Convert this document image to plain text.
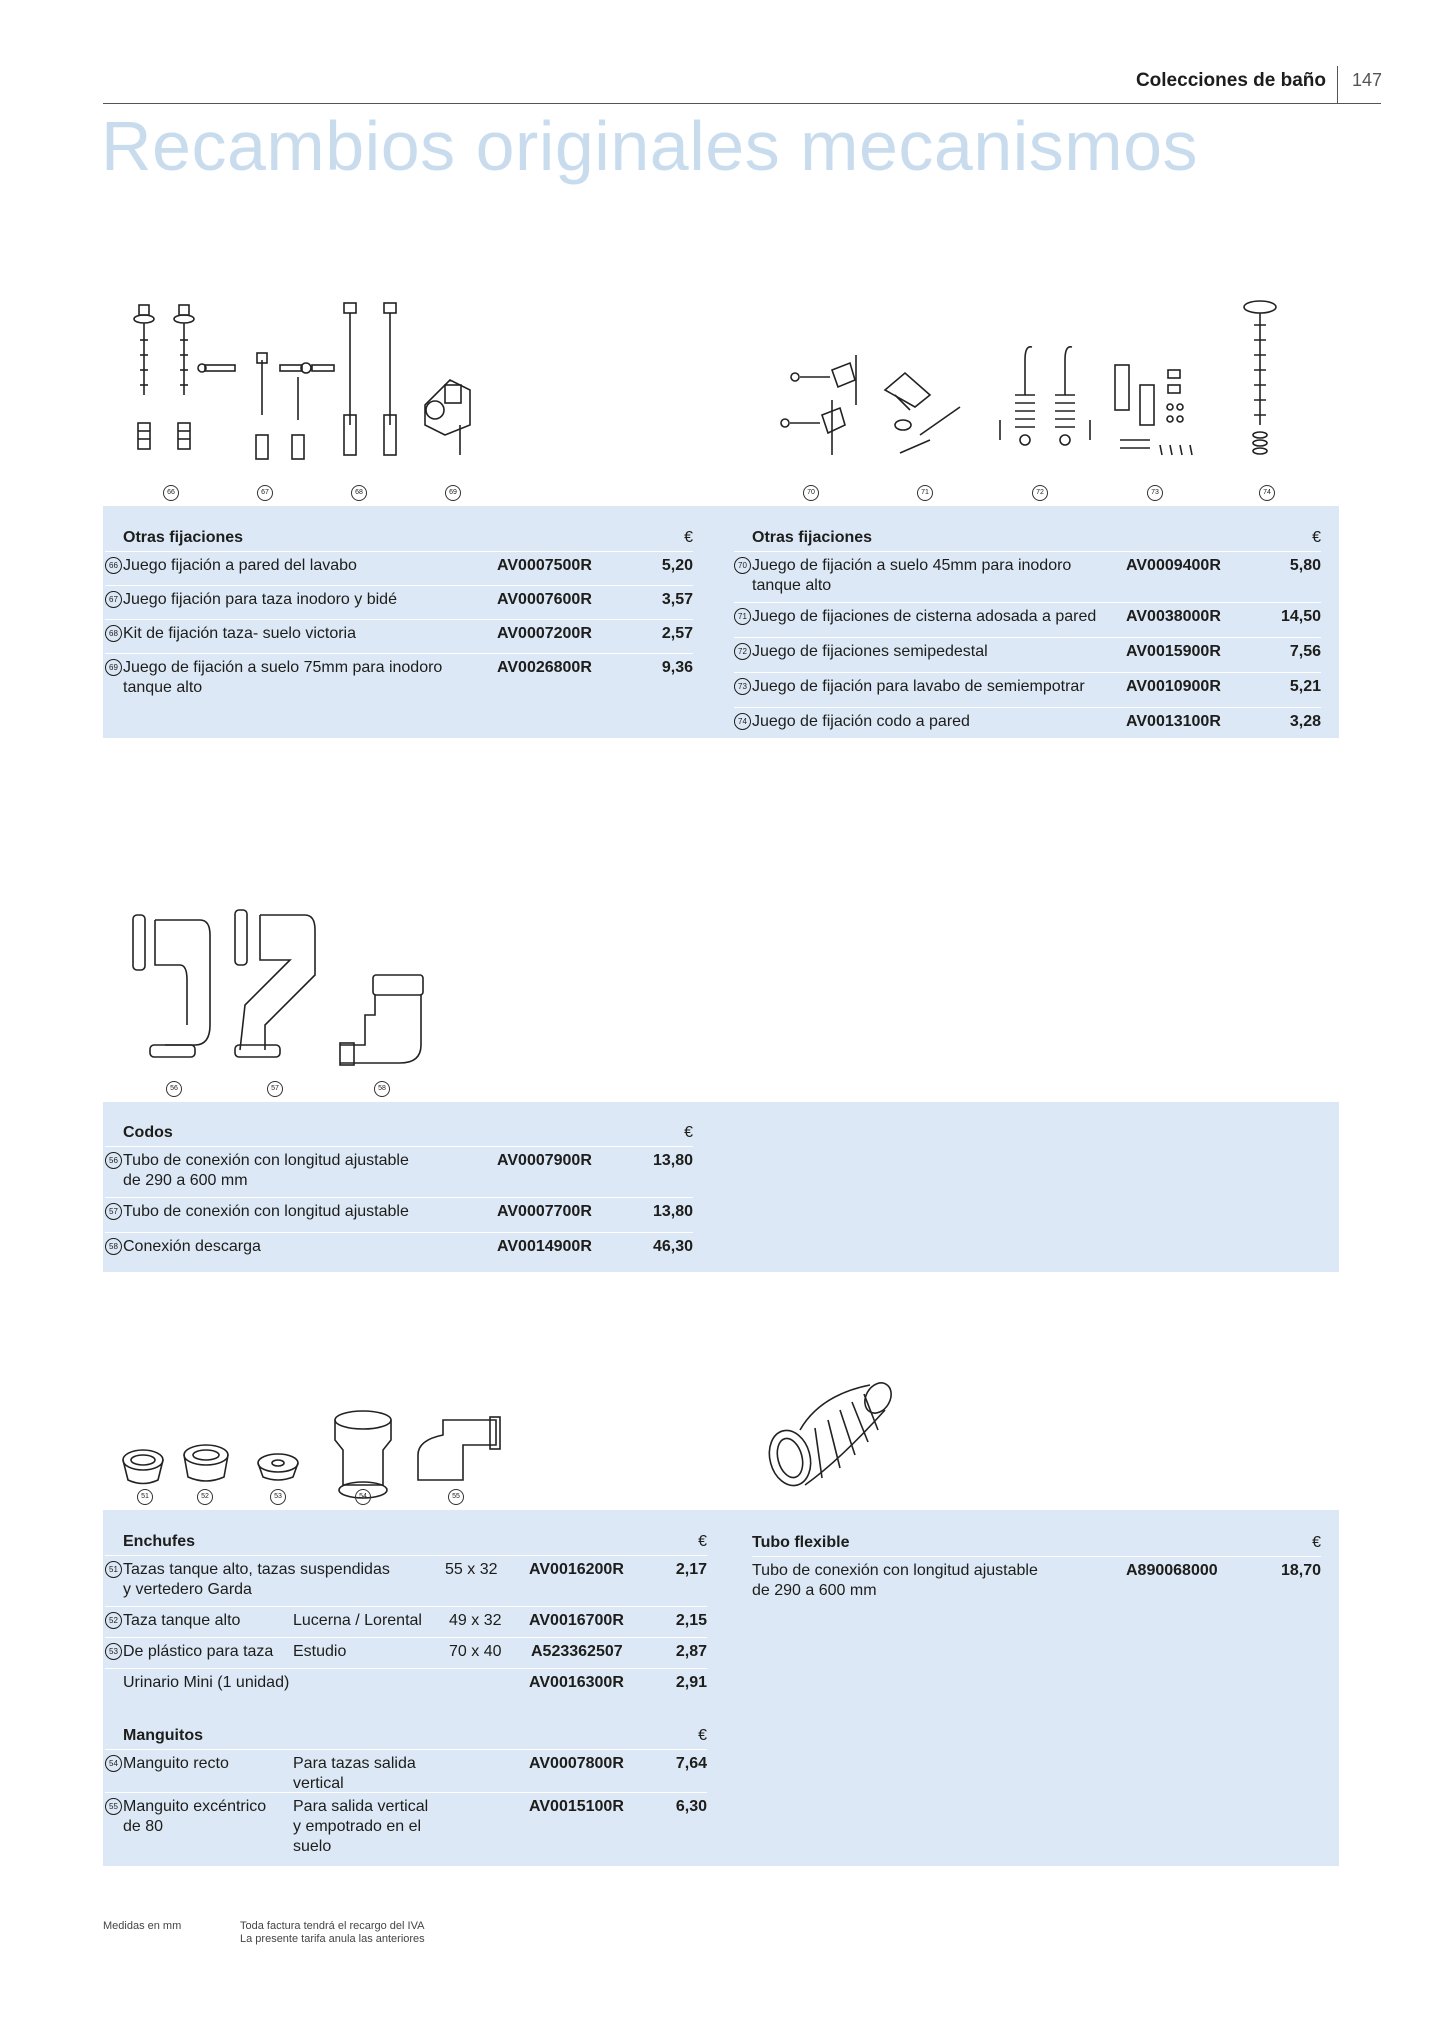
Colecciones de baño 147
Recambios originales mecanismos
66	67	68	69	70	71	72	73	74
Otras fijaciones	€
66 Juego fijación a pared del lavabo	AV0007500R	5,20
67 Juego fijación para taza inodoro y bidé	AV0007600R	3,57
68 Kit de fijación taza- suelo victoria	AV0007200R	2,57
69 Juego de fijación a suelo 75mm para inodoro
tanque alto
AV0026800R	9,36
Otras fijaciones	€
70 Juego de fijación a suelo 45mm para inodoro
tanque alto
AV0009400R	5,80
71 Juego de fijaciones de cisterna adosada a pared AV0038000R	14,50
72 Juego de fijaciones semipedestal	AV0015900R	7,56
73 Juego de fijación para lavabo de semiempotrar	AV0010900R	5,21
74 Juego de fijación codo a pared	AV0013100R	3,28
56	57	58
Codos	€
56 Tubo de conexión con longitud ajustable
de 290 a 600 mm
AV0007900R	13,80
57 Tubo de conexión con longitud ajustable	AV0007700R	13,80
58 Conexión descarga	AV0014900R	46,30
51	52	53	54	55
Enchufes	€
51 Tazas tanque alto, tazas suspendidas
y vertedero Garda
55 x 32 AV0016200R	2,17
52 Taza tanque alto	Lucerna / Lorental 49 x 32 AV0016700R	2,15
53 De plástico para taza Estudio	70 x 40 A523362507	2,87
Urinario Mini (1 unidad)	AV0016300R	2,91
Manguitos	€
54 Manguito recto	Para tazas salida
vertical
AV0007800R	7,64
55 Manguito excéntrico
de 80
Para salida vertical
y empotrado en el
suelo
AV0015100R	6,30
Tubo flexible	€
Tubo de conexión con longitud ajustable
de 290 a 600 mm
A890068000	18,70
Medidas en mm	Toda factura tendrá el recargo del IVA
La presente tarifa anula las anteriores
